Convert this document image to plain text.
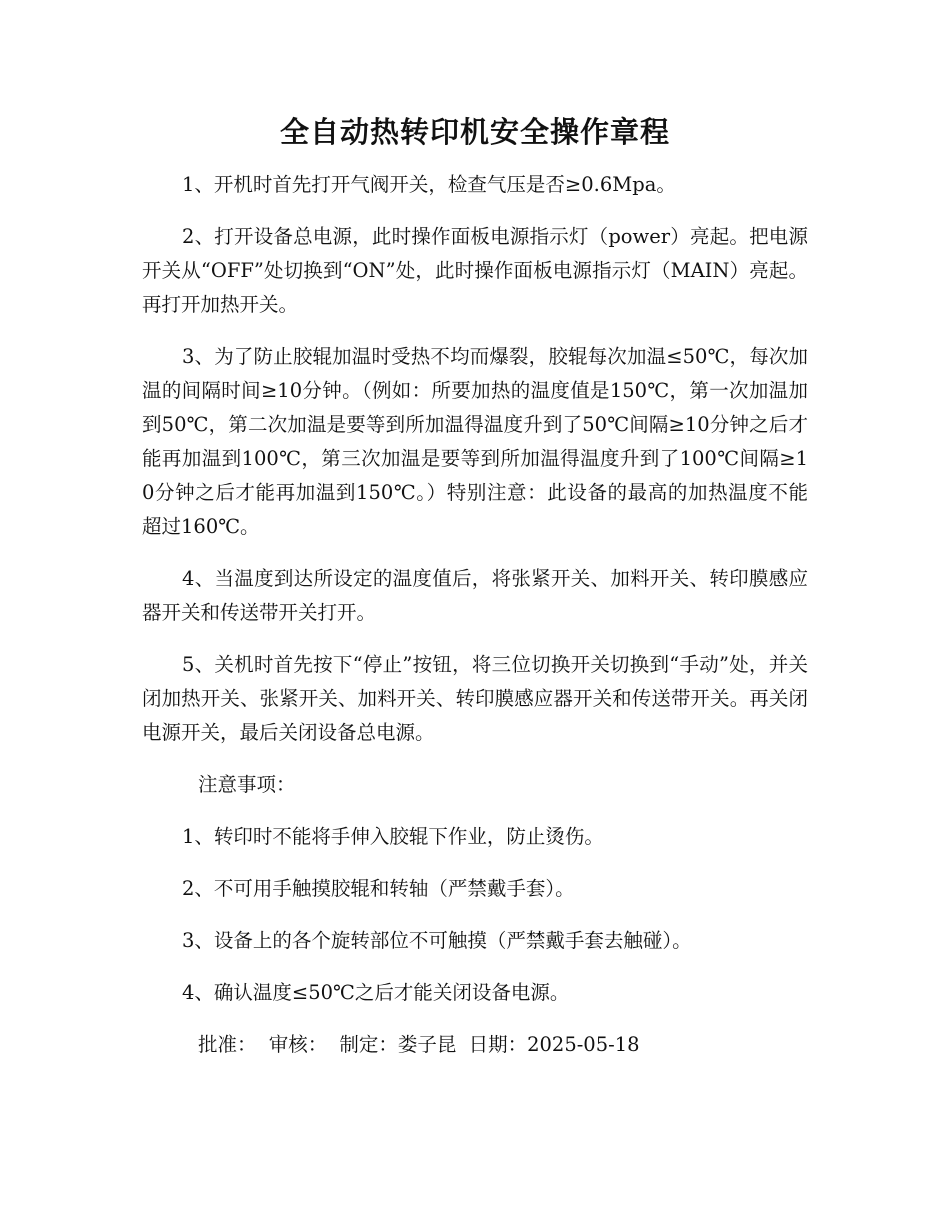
全自动热转印机安全操作章程

1、开机时首先打开气阀开关，检查气压是否≥0.6Mpa。

2、打开设备总电源，此时操作面板电源指示灯（power）亮起。把电源开关从“OFF”处切换到“ON”处，此时操作面板电源指示灯（MAIN）亮起。再打开加热开关。

3、为了防止胶辊加温时受热不均而爆裂，胶辊每次加温≤50℃，每次加温的间隔时间≥10分钟。（例如：所要加热的温度值是150℃，第一次加温加到50℃，第二次加温是要等到所加温得温度升到了50℃间隔≥10分钟之后才能再加温到100℃，第三次加温是要等到所加温得温度升到了100℃间隔≥10分钟之后才能再加温到150℃。）特别注意：此设备的最高的加热温度不能超过160℃。

4、当温度到达所设定的温度值后，将张紧开关、加料开关、转印膜感应器开关和传送带开关打开。

5、关机时首先按下“停止”按钮，将三位切换开关切换到“手动”处，并关闭加热开关、张紧开关、加料开关、转印膜感应器开关和传送带开关。再关闭电源开关，最后关闭设备总电源。

注意事项：

1、转印时不能将手伸入胶辊下作业，防止烫伤。

2、不可用手触摸胶辊和转轴（严禁戴手套）。

3、设备上的各个旋转部位不可触摸（严禁戴手套去触碰）。

4、确认温度≤50℃之后才能关闭设备电源。

批准： 审核： 制定：娄子昆 日期：2025-05-18
